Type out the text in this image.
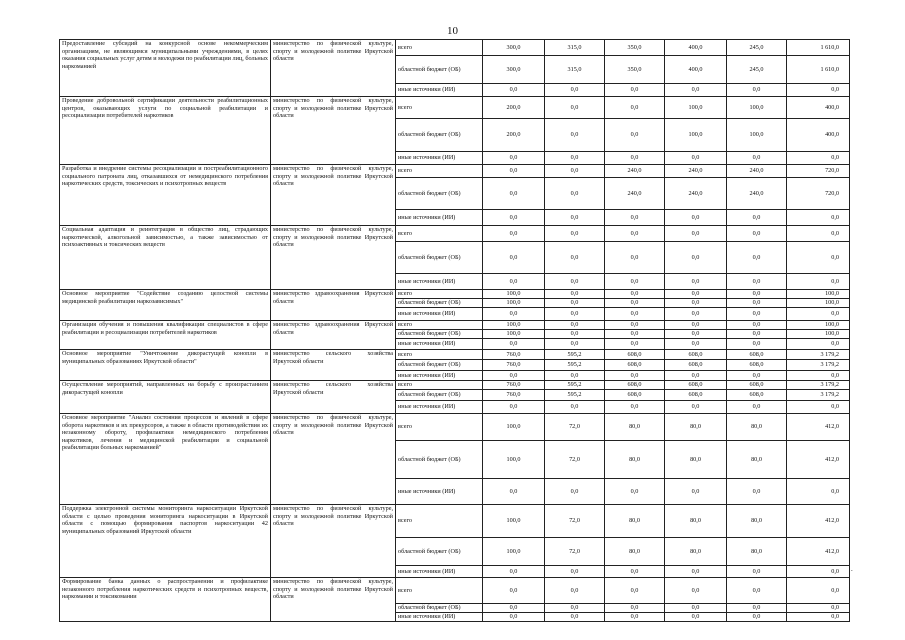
10
Предоставление субсидий на конкурсной основе некоммерческим организациям, не являющимся муниципальными учреждениями, в целях оказания социальных услуг детям и молодежи по реабилитации лиц, больных наркоманией	министерство по физической культуре, спорту и молодежной политике Иркутской области	всего	300,0	315,0	350,0	400,0	245,0	1 610,0
		областной бюджет (ОБ)	300,0	315,0	350,0	400,0	245,0	1 610,0
		иные источники (ИИ)	0,0	0,0	0,0	0,0	0,0	0,0
Проведение добровольной сертификации деятельности реабилитационных центров, оказывающих услуги по социальной реабилитации и ресоциализации потребителей наркотиков	министерство по физической культуре, спорту и молодежной политике Иркутской области	всего	200,0	0,0	0,0	100,0	100,0	400,0
		областной бюджет (ОБ)	200,0	0,0	0,0	100,0	100,0	400,0
		иные источники (ИИ)	0,0	0,0	0,0	0,0	0,0	0,0
Разработка и внедрение системы ресоциализации и постреабилитационного социального патроната лиц, отказавшихся от немедицинского потребления наркотических средств, токсических и психотропных веществ	министерство по физической культуре, спорту и молодежной политике Иркутской области	всего	0,0	0,0	240,0	240,0	240,0	720,0
		областной бюджет (ОБ)	0,0	0,0	240,0	240,0	240,0	720,0
		иные источники (ИИ)	0,0	0,0	0,0	0,0	0,0	0,0
Социальная адаптация и реинтеграция в общество лиц, страдающих наркотической, алкогольной зависимостью, а также зависимостью от психоактивных и токсических веществ	министерство по физической культуре, спорту и молодежной политике Иркутской области	всего	0,0	0,0	0,0	0,0	0,0	0,0
		областной бюджет (ОБ)	0,0	0,0	0,0	0,0	0,0	0,0
		иные источники (ИИ)	0,0	0,0	0,0	0,0	0,0	0,0
Основное мероприятие "Содействие созданию целостной системы медицинской реабилитации наркозависимых"	министерство здравоохранения Иркутской области	всего	100,0	0,0	0,0	0,0	0,0	100,0
		областной бюджет (ОБ)	100,0	0,0	0,0	0,0	0,0	100,0
		иные источники (ИИ)	0,0	0,0	0,0	0,0	0,0	0,0
Организация обучения и повышения квалификации специалистов в сфере реабилитации и ресоциализации потребителей наркотиков	министерство здравоохранения Иркутской области	всего	100,0	0,0	0,0	0,0	0,0	100,0
		областной бюджет (ОБ)	100,0	0,0	0,0	0,0	0,0	100,0
		иные источники (ИИ)	0,0	0,0	0,0	0,0	0,0	0,0
Основное мероприятие "Уничтожение дикорастущей конопли в муниципальных образованиях Иркутской области"	министерство сельского хозяйства Иркутской области	всего	760,0	595,2	608,0	608,0	608,0	3 179,2
		областной бюджет (ОБ)	760,0	595,2	608,0	608,0	608,0	3 179,2
		иные источники (ИИ)	0,0	0,0	0,0	0,0	0,0	0,0
Осуществление мероприятий, направленных на борьбу с произрастанием дикорастущей конопли	министерство сельского хозяйства Иркутской области	всего	760,0	595,2	608,0	608,0	608,0	3 179,2
		областной бюджет (ОБ)	760,0	595,2	608,0	608,0	608,0	3 179,2
		иные источники (ИИ)	0,0	0,0	0,0	0,0	0,0	0,0
Основное мероприятие "Анализ состояния процессов и явлений в сфере оборота наркотиков и их прекурсоров, а также в области противодействия их незаконному обороту, профилактики немедицинского потребления наркотиков, лечения и медицинской реабилитации и социальной реабилитации больных наркоманией"	министерство по физической культуре, спорту и молодежной политике Иркутской области	всего	100,0	72,0	80,0	80,0	80,0	412,0
		областной бюджет (ОБ)	100,0	72,0	80,0	80,0	80,0	412,0
		иные источники (ИИ)	0,0	0,0	0,0	0,0	0,0	0,0
Поддержка электронной системы мониторинга наркоситуации Иркутской области с целью проведения мониторинга наркоситуации в Иркутской области с помощью формирования паспортов наркоситуации 42 муниципальных образований Иркутской области	министерство по физической культуре, спорту и молодежной политике Иркутской области	всего	100,0	72,0	80,0	80,0	80,0	412,0
		областной бюджет (ОБ)	100,0	72,0	80,0	80,0	80,0	412,0
		иные источники (ИИ)	0,0	0,0	0,0	0,0	0,0	0,0
Формирование банка данных о распространении и профилактике незаконного потребления наркотических средств и психотропных веществ, наркомании и токсикомании	министерство по физической культуре, спорту и молодежной политике Иркутской области	всего	0,0	0,0	0,0	0,0	0,0	0,0
		областной бюджет (ОБ)	0,0	0,0	0,0	0,0	0,0	0,0
		иные источники (ИИ)	0,0	0,0	0,0	0,0	0,0	0,0
.
